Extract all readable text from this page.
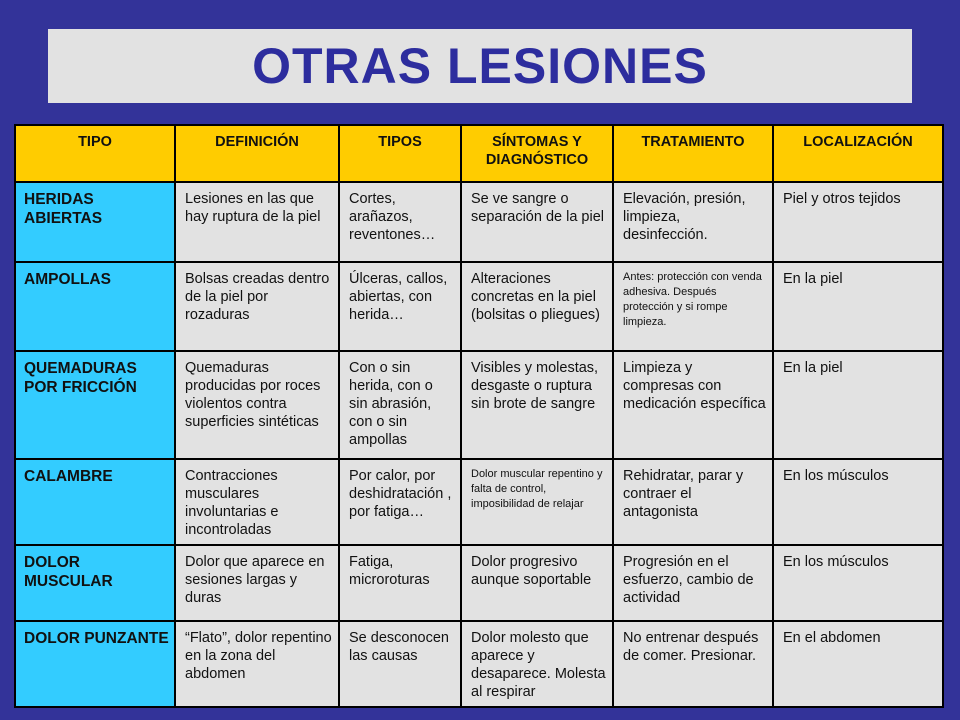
OTRAS LESIONES
TIPO	DEFINICIÓN	TIPOS	SÍNTOMAS Y DIAGNÓSTICO	TRATAMIENTO	LOCALIZACIÓN
HERIDAS ABIERTAS	Lesiones en las que hay ruptura de la piel	Cortes, arañazos, reventones…	Se ve sangre o separación de la piel	Elevación, presión, limpieza, desinfección.	Piel y otros tejidos
AMPOLLAS	Bolsas creadas dentro de la piel por rozaduras	Úlceras, callos, abiertas, con herida…	Alteraciones concretas en la piel (bolsitas o pliegues)	Antes: protección con venda adhesiva. Después protección y si rompe limpieza.	En la piel
QUEMADURAS POR FRICCIÓN	Quemaduras producidas por roces violentos contra superficies sintéticas	Con o sin herida, con o sin abrasión, con o sin ampollas	Visibles y molestas, desgaste o ruptura sin brote de sangre	Limpieza y compresas con medicación específica	En la piel
CALAMBRE	Contracciones musculares involuntarias e incontroladas	Por calor, por deshidratación , por fatiga…	Dolor muscular repentino y falta de control, imposibilidad de relajar	Rehidratar, parar y contraer el antagonista	En los músculos
DOLOR MUSCULAR	Dolor que aparece en sesiones largas y duras	Fatiga, microroturas	Dolor progresivo aunque soportable	Progresión en el esfuerzo, cambio de actividad	En los músculos
DOLOR PUNZANTE	“Flato”, dolor repentino en la zona del abdomen	Se desconocen las causas	Dolor molesto que aparece y desaparece. Molesta al respirar	No entrenar después de comer. Presionar.	En el abdomen
